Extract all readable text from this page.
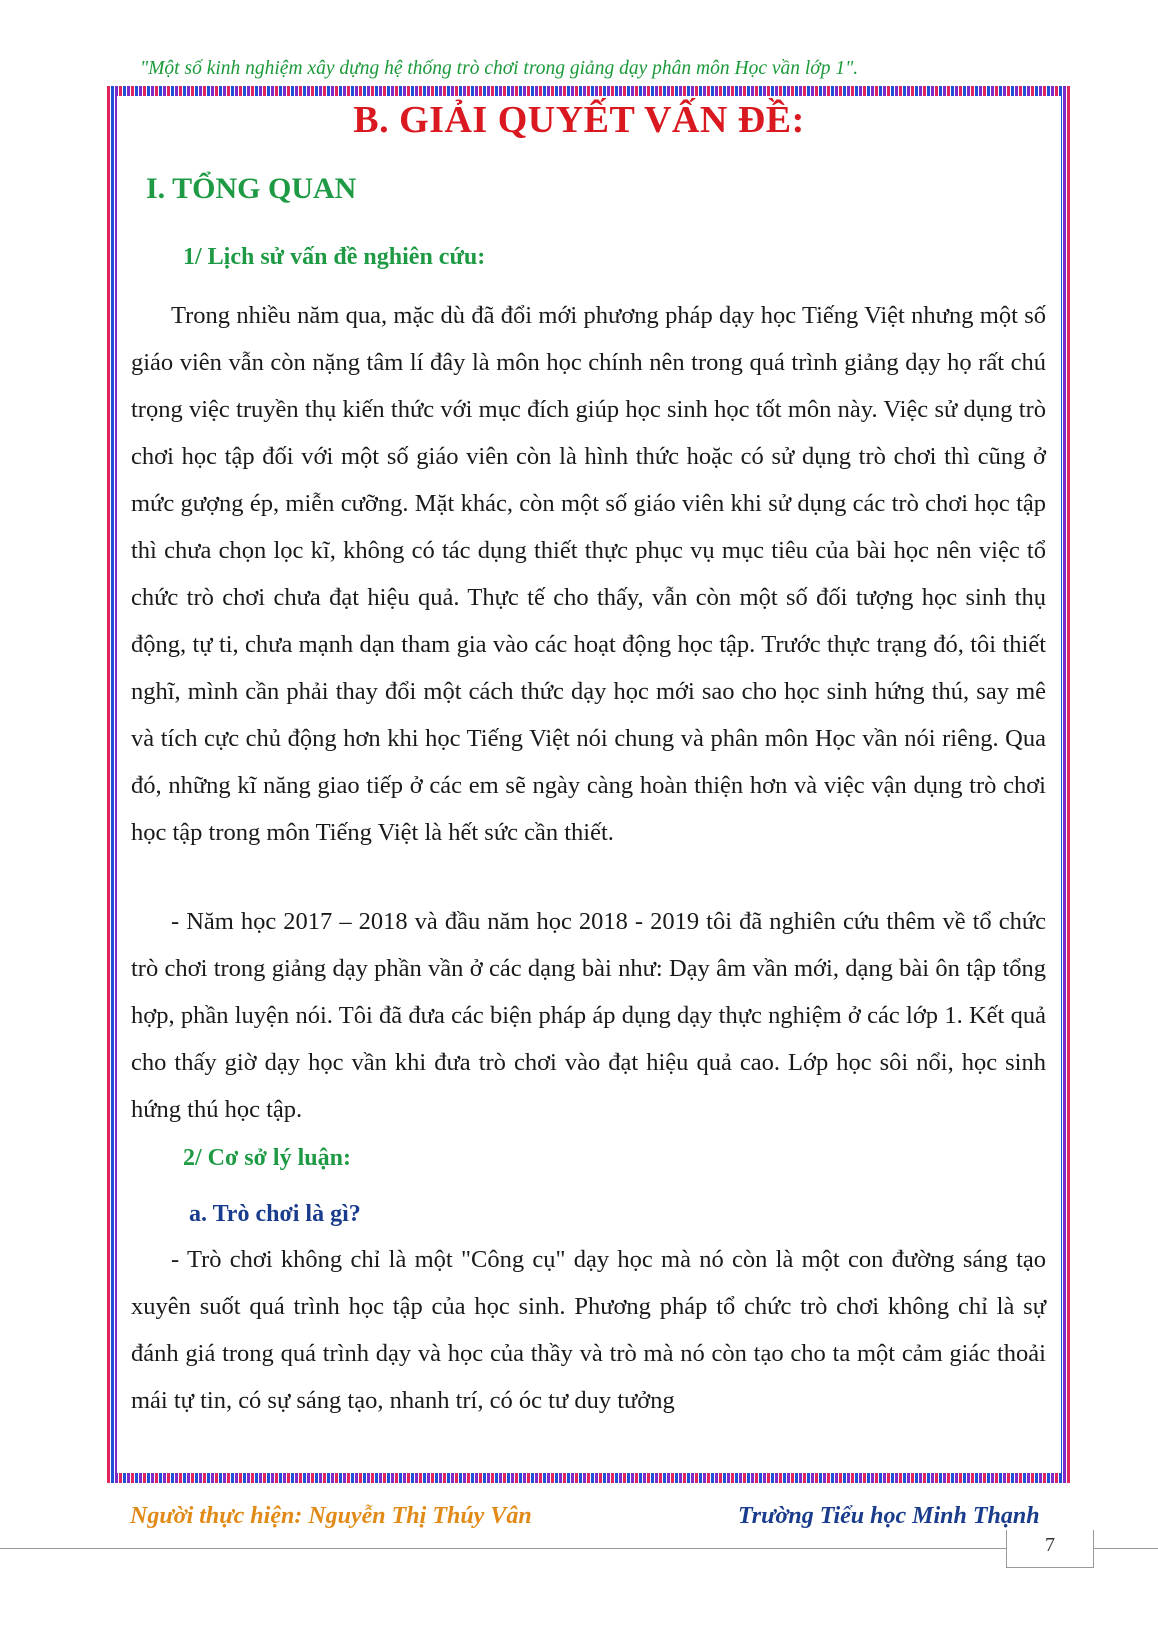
"Một số kinh nghiệm xây dựng hệ thống trò chơi trong giảng dạy phân môn Học vần lớp 1".
B. GIẢI QUYẾT VẤN ĐỀ:
I. TỔNG QUAN
1/ Lịch sử vấn đề nghiên cứu:

Trong nhiều năm qua, mặc dù đã đổi mới phương pháp dạy học Tiếng Việt nhưng một số giáo viên vẫn còn nặng tâm lí đây là môn học chính nên trong quá trình giảng dạy họ rất chú trọng việc truyền thụ kiến thức với mục đích giúp học sinh học tốt môn này. Việc sử dụng trò chơi học tập đối với một số giáo viên còn là hình thức hoặc có sử dụng trò chơi thì cũng ở mức gượng ép, miễn cưỡng. Mặt khác, còn một số giáo viên khi sử dụng các trò chơi học tập thì chưa chọn lọc kĩ, không có tác dụng thiết thực phục vụ mục tiêu của bài học nên việc tổ chức trò chơi chưa đạt hiệu quả. Thực tế cho thấy, vẫn còn một số đối tượng học sinh thụ động, tự ti, chưa mạnh dạn tham gia vào các hoạt động học tập. Trước thực trạng đó, tôi thiết nghĩ, mình cần phải thay đổi một cách thức dạy học mới sao cho học sinh hứng thú, say mê và tích cực chủ động hơn khi học Tiếng Việt nói chung và phân môn Học vần nói riêng. Qua đó, những kĩ năng giao tiếp ở các em sẽ ngày càng hoàn thiện hơn và việc vận dụng trò chơi học tập trong môn Tiếng Việt là hết sức cần thiết.

- Năm học 2017 – 2018 và đầu năm học 2018 - 2019 tôi đã nghiên cứu thêm về tổ chức trò chơi trong giảng dạy phần vần ở các dạng bài như: Dạy âm vần mới, dạng bài ôn tập tổng hợp, phần luyện nói. Tôi đã đưa các biện pháp áp dụng dạy thực nghiệm ở các lớp 1. Kết quả cho thấy giờ dạy học vần khi đưa trò chơi vào đạt hiệu quả cao. Lớp học sôi nổi, học sinh hứng thú học tập.

2/ Cơ sở lý luận:
a. Trò chơi là gì?

- Trò chơi không chỉ là một "Công cụ" dạy học mà nó còn là một con đường sáng tạo xuyên suốt quá trình học tập của học sinh. Phương pháp tổ chức trò chơi không chỉ là sự đánh giá trong quá trình dạy và học của thầy và trò mà nó còn tạo cho ta một cảm giác thoải mái tự tin, có sự sáng tạo, nhanh trí, có óc tư duy tưởng

Người thực hiện: Nguyễn Thị Thúy Vân	Trường Tiểu học Minh Thạnh
7
